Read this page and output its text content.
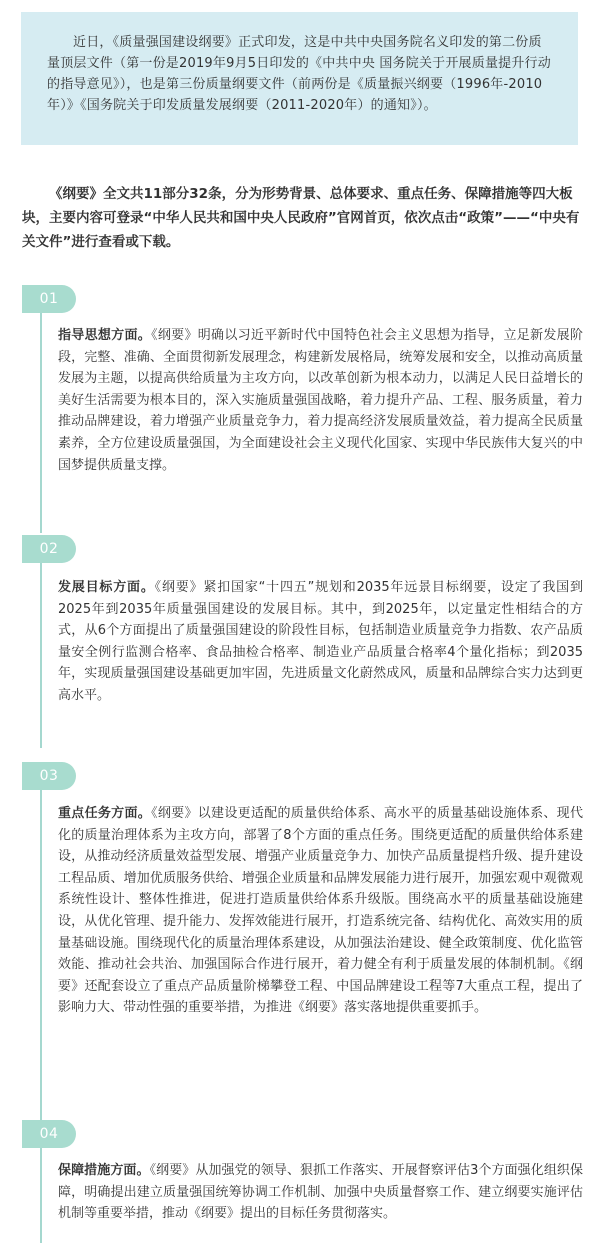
近日，《质量强国建设纲要》正式印发，这是中共中央国务院名义印发的第二份质量顶层文件（第一份是2019年9月5日印发的《中共中央 国务院关于开展质量提升行动的指导意见》），也是第三份质量纲要文件（前两份是《质量振兴纲要（1996年-2010年）》《国务院关于印发质量发展纲要（2011-2020年）的通知》）。

《纲要》全文共11部分32条，分为形势背景、总体要求、重点任务、保障措施等四大板块，主要内容可登录“中华人民共和国中央人民政府”官网首页，依次点击“政策”——“中央有关文件”进行查看或下载。

01

指导思想方面。《纲要》明确以习近平新时代中国特色社会主义思想为指导，立足新发展阶段，完整、准确、全面贯彻新发展理念，构建新发展格局，统筹发展和安全，以推动高质量发展为主题，以提高供给质量为主攻方向，以改革创新为根本动力，以满足人民日益增长的美好生活需要为根本目的，深入实施质量强国战略，着力提升产品、工程、服务质量，着力推动品牌建设，着力增强产业质量竞争力，着力提高经济发展质量效益，着力提高全民质量素养，全方位建设质量强国，为全面建设社会主义现代化国家、实现中华民族伟大复兴的中国梦提供质量支撑。

02

发展目标方面。《纲要》紧扣国家“十四五”规划和2035年远景目标纲要，设定了我国到2025年到2035年质量强国建设的发展目标。其中，到2025年，以定量定性相结合的方式，从6个方面提出了质量强国建设的阶段性目标，包括制造业质量竞争力指数、农产品质量安全例行监测合格率、食品抽检合格率、制造业产品质量合格率4个量化指标；到2035年，实现质量强国建设基础更加牢固，先进质量文化蔚然成风，质量和品牌综合实力达到更高水平。

03

重点任务方面。《纲要》以建设更适配的质量供给体系、高水平的质量基础设施体系、现代化的质量治理体系为主攻方向，部署了8个方面的重点任务。围绕更适配的质量供给体系建设，从推动经济质量效益型发展、增强产业质量竞争力、加快产品质量提档升级、提升建设工程品质、增加优质服务供给、增强企业质量和品牌发展能力进行展开，加强宏观中观微观系统性设计、整体性推进，促进打造质量供给体系升级版。围绕高水平的质量基础设施建设，从优化管理、提升能力、发挥效能进行展开，打造系统完备、结构优化、高效实用的质量基础设施。围绕现代化的质量治理体系建设，从加强法治建设、健全政策制度、优化监管效能、推动社会共治、加强国际合作进行展开，着力健全有利于质量发展的体制机制。《纲要》还配套设立了重点产品质量阶梯攀登工程、中国品牌建设工程等7大重点工程，提出了影响力大、带动性强的重要举措，为推进《纲要》落实落地提供重要抓手。

04

保障措施方面。《纲要》从加强党的领导、狠抓工作落实、开展督察评估3个方面强化组织保障，明确提出建立质量强国统筹协调工作机制、加强中央质量督察工作、建立纲要实施评估机制等重要举措，推动《纲要》提出的目标任务贯彻落实。
